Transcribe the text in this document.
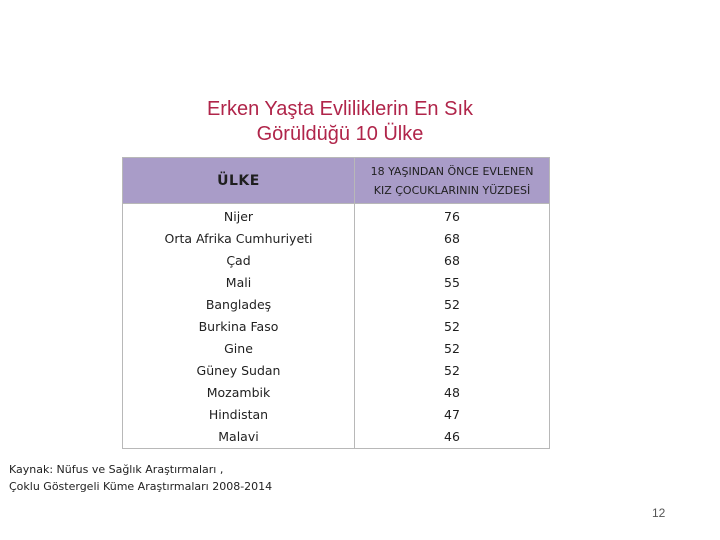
Erken Yaşta Evliliklerin En Sık
Görüldüğü 10 Ülke
ÜLKE	18 YAŞINDAN ÖNCE EVLENEN
KIZ ÇOCUKLARININ YÜZDESİ

Nijer	76
Orta Afrika Cumhuriyeti	68
Çad	68
Mali	55
Bangladeş	52
Burkina Faso	52
Gine	52
Güney Sudan	52
Mozambik	48
Hindistan	47
Malavi	46
Kaynak: Nüfus ve Sağlık Araştırmaları ,
Çoklu Göstergeli Küme Araştırmaları 2008-2014
12
